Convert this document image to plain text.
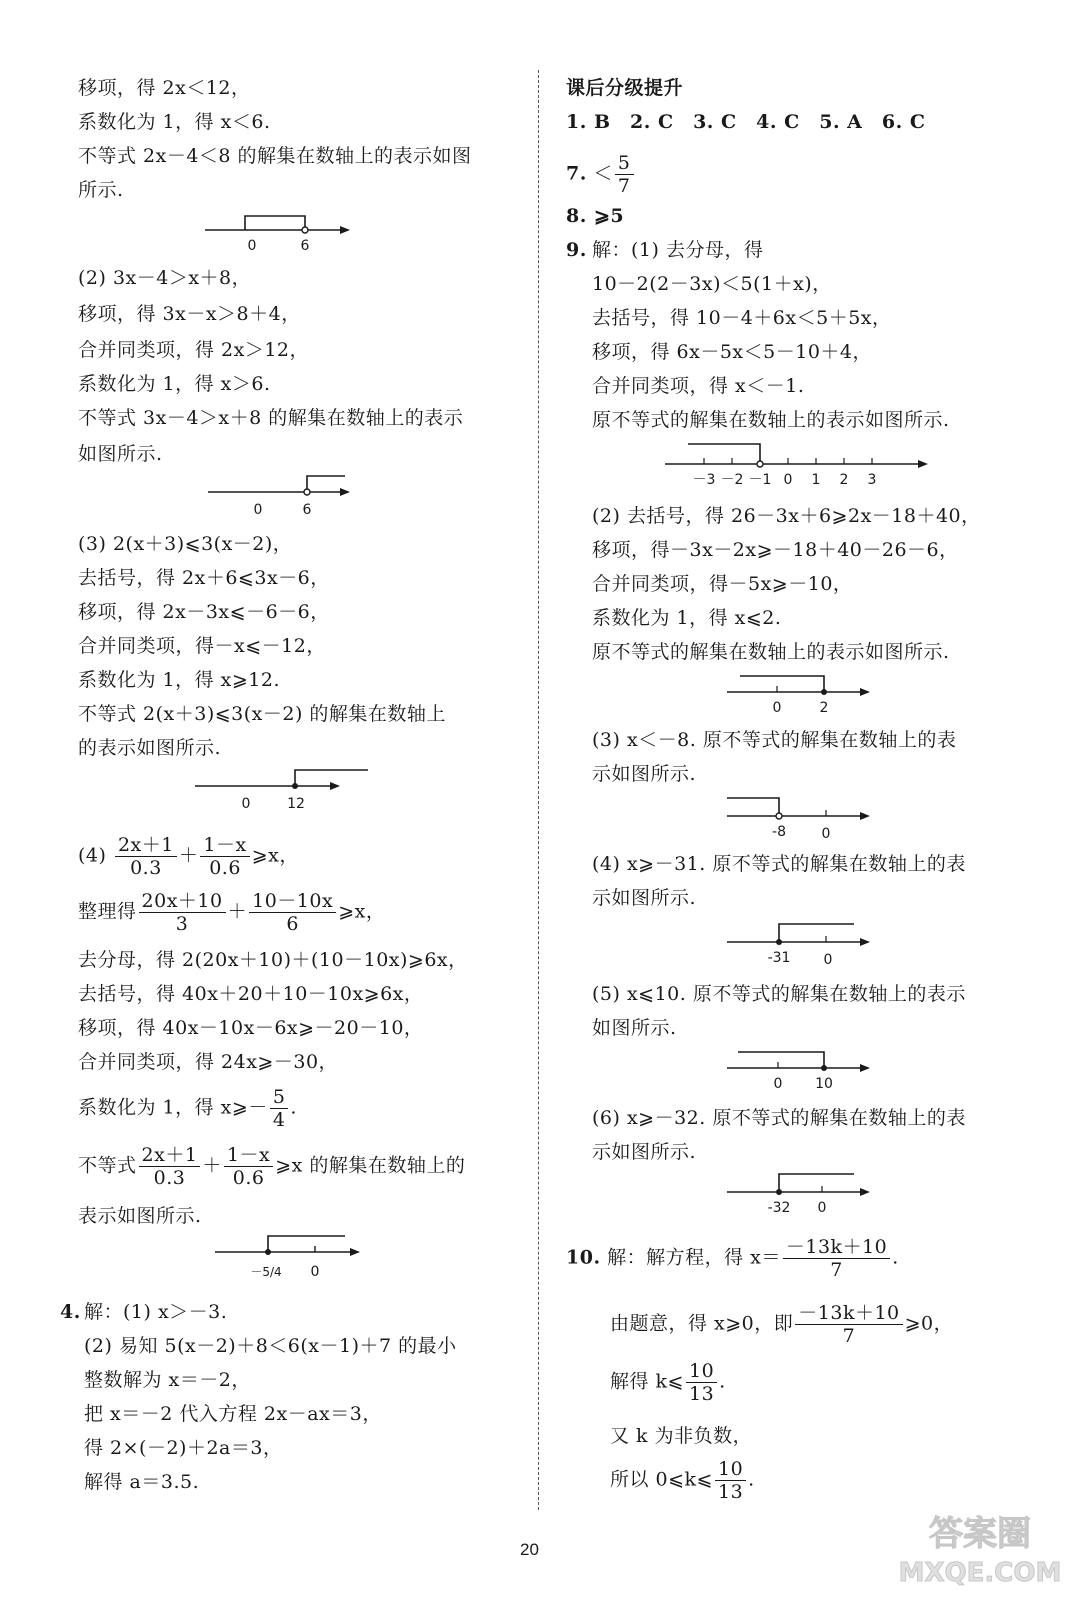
移项，得 2x＜12，
系数化为 1，得 x＜6.
不等式 2x－4＜8 的解集在数轴上的表示如图
所示.
0	6
(2) 3x－4＞x＋8，
移项，得 3x－x＞8＋4，
合并同类项，得 2x＞12，
系数化为 1，得 x＞6.
不等式 3x－4＞x＋8 的解集在数轴上的表示
如图所示.
0	6
(3) 2(x＋3)⩽3(x－2)，
去括号，得 2x＋6⩽3x－6，
移项，得 2x－3x⩽－6－6，
合并同类项，得－x⩽－12，
系数化为 1，得 x⩾12.
不等式 2(x＋3)⩽3(x－2) 的解集在数轴上
的表示如图所示.
0	12
$(4) \frac{2x+1}{0.3} + \frac{1-x}{0.6}$ ⩾x，
整理得 $\frac{20x+10}{3} + \frac{10-10x}{6}$ ⩾x，
去分母，得 2(20x＋10)＋(10－10x)⩾6x，
去括号，得 40x＋20＋10－10x⩾6x，
移项，得 40x－10x－6x⩾－20－10，
合并同类项，得 24x⩾－30，
系数化为 1，得 x⩾－ $\frac{5}{4}$ .
不等式 $\frac{2x+1}{0.3} + \frac{1-x}{0.6}$ ⩾x 的解集在数轴上的
表示如图所示.
－5/4 0
4. 解：(1) x＞－3.
(2) 易知 5(x－2)＋8＜6(x－1)＋7 的最小
整数解为 x＝－2，
把 x＝－2 代入方程 2x－ax＝3，
得 2×(－2)＋2a＝3，
解得 a＝3.5.
课后分级提升
1. B　2. C　3. C　4. C　5. A　6. C
7. ＜ $\frac{5}{7}$
8. ⩾5
9. 解：(1) 去分母，得
10－2(2－3x)＜5(1＋x)，
去括号，得 10－4＋6x＜5＋5x，
移项，得 6x－5x＜5－10＋4，
合并同类项，得 x＜－1.
原不等式的解集在数轴上的表示如图所示.
－3 －2 －1 0 1 2 3
(2) 去括号，得 26－3x＋6⩾2x－18＋40，
移项，得－3x－2x⩾－18＋40－26－6，
合并同类项，得－5x⩾－10，
系数化为 1，得 x⩽2.
原不等式的解集在数轴上的表示如图所示.
0	2
(3) x＜－8. 原不等式的解集在数轴上的表
示如图所示.
-8	0
(4) x⩾－31. 原不等式的解集在数轴上的表
示如图所示.
-31 0
(5) x⩽10. 原不等式的解集在数轴上的表示
如图所示.
0 10
(6) x⩾－32. 原不等式的解集在数轴上的表
示如图所示.
-32 0
10. 解：解方程，得 $x= \frac{-13k+10}{7}$ .
由题意，得 x⩾0，即 $\frac{-13k+10}{7}$ ⩾0，
解得 k⩽ $\frac{10}{13}$ .
又 k 为非负数，
所以 0⩽k⩽ $\frac{10}{13}$ .
20	答案圈
MXQE.COM
